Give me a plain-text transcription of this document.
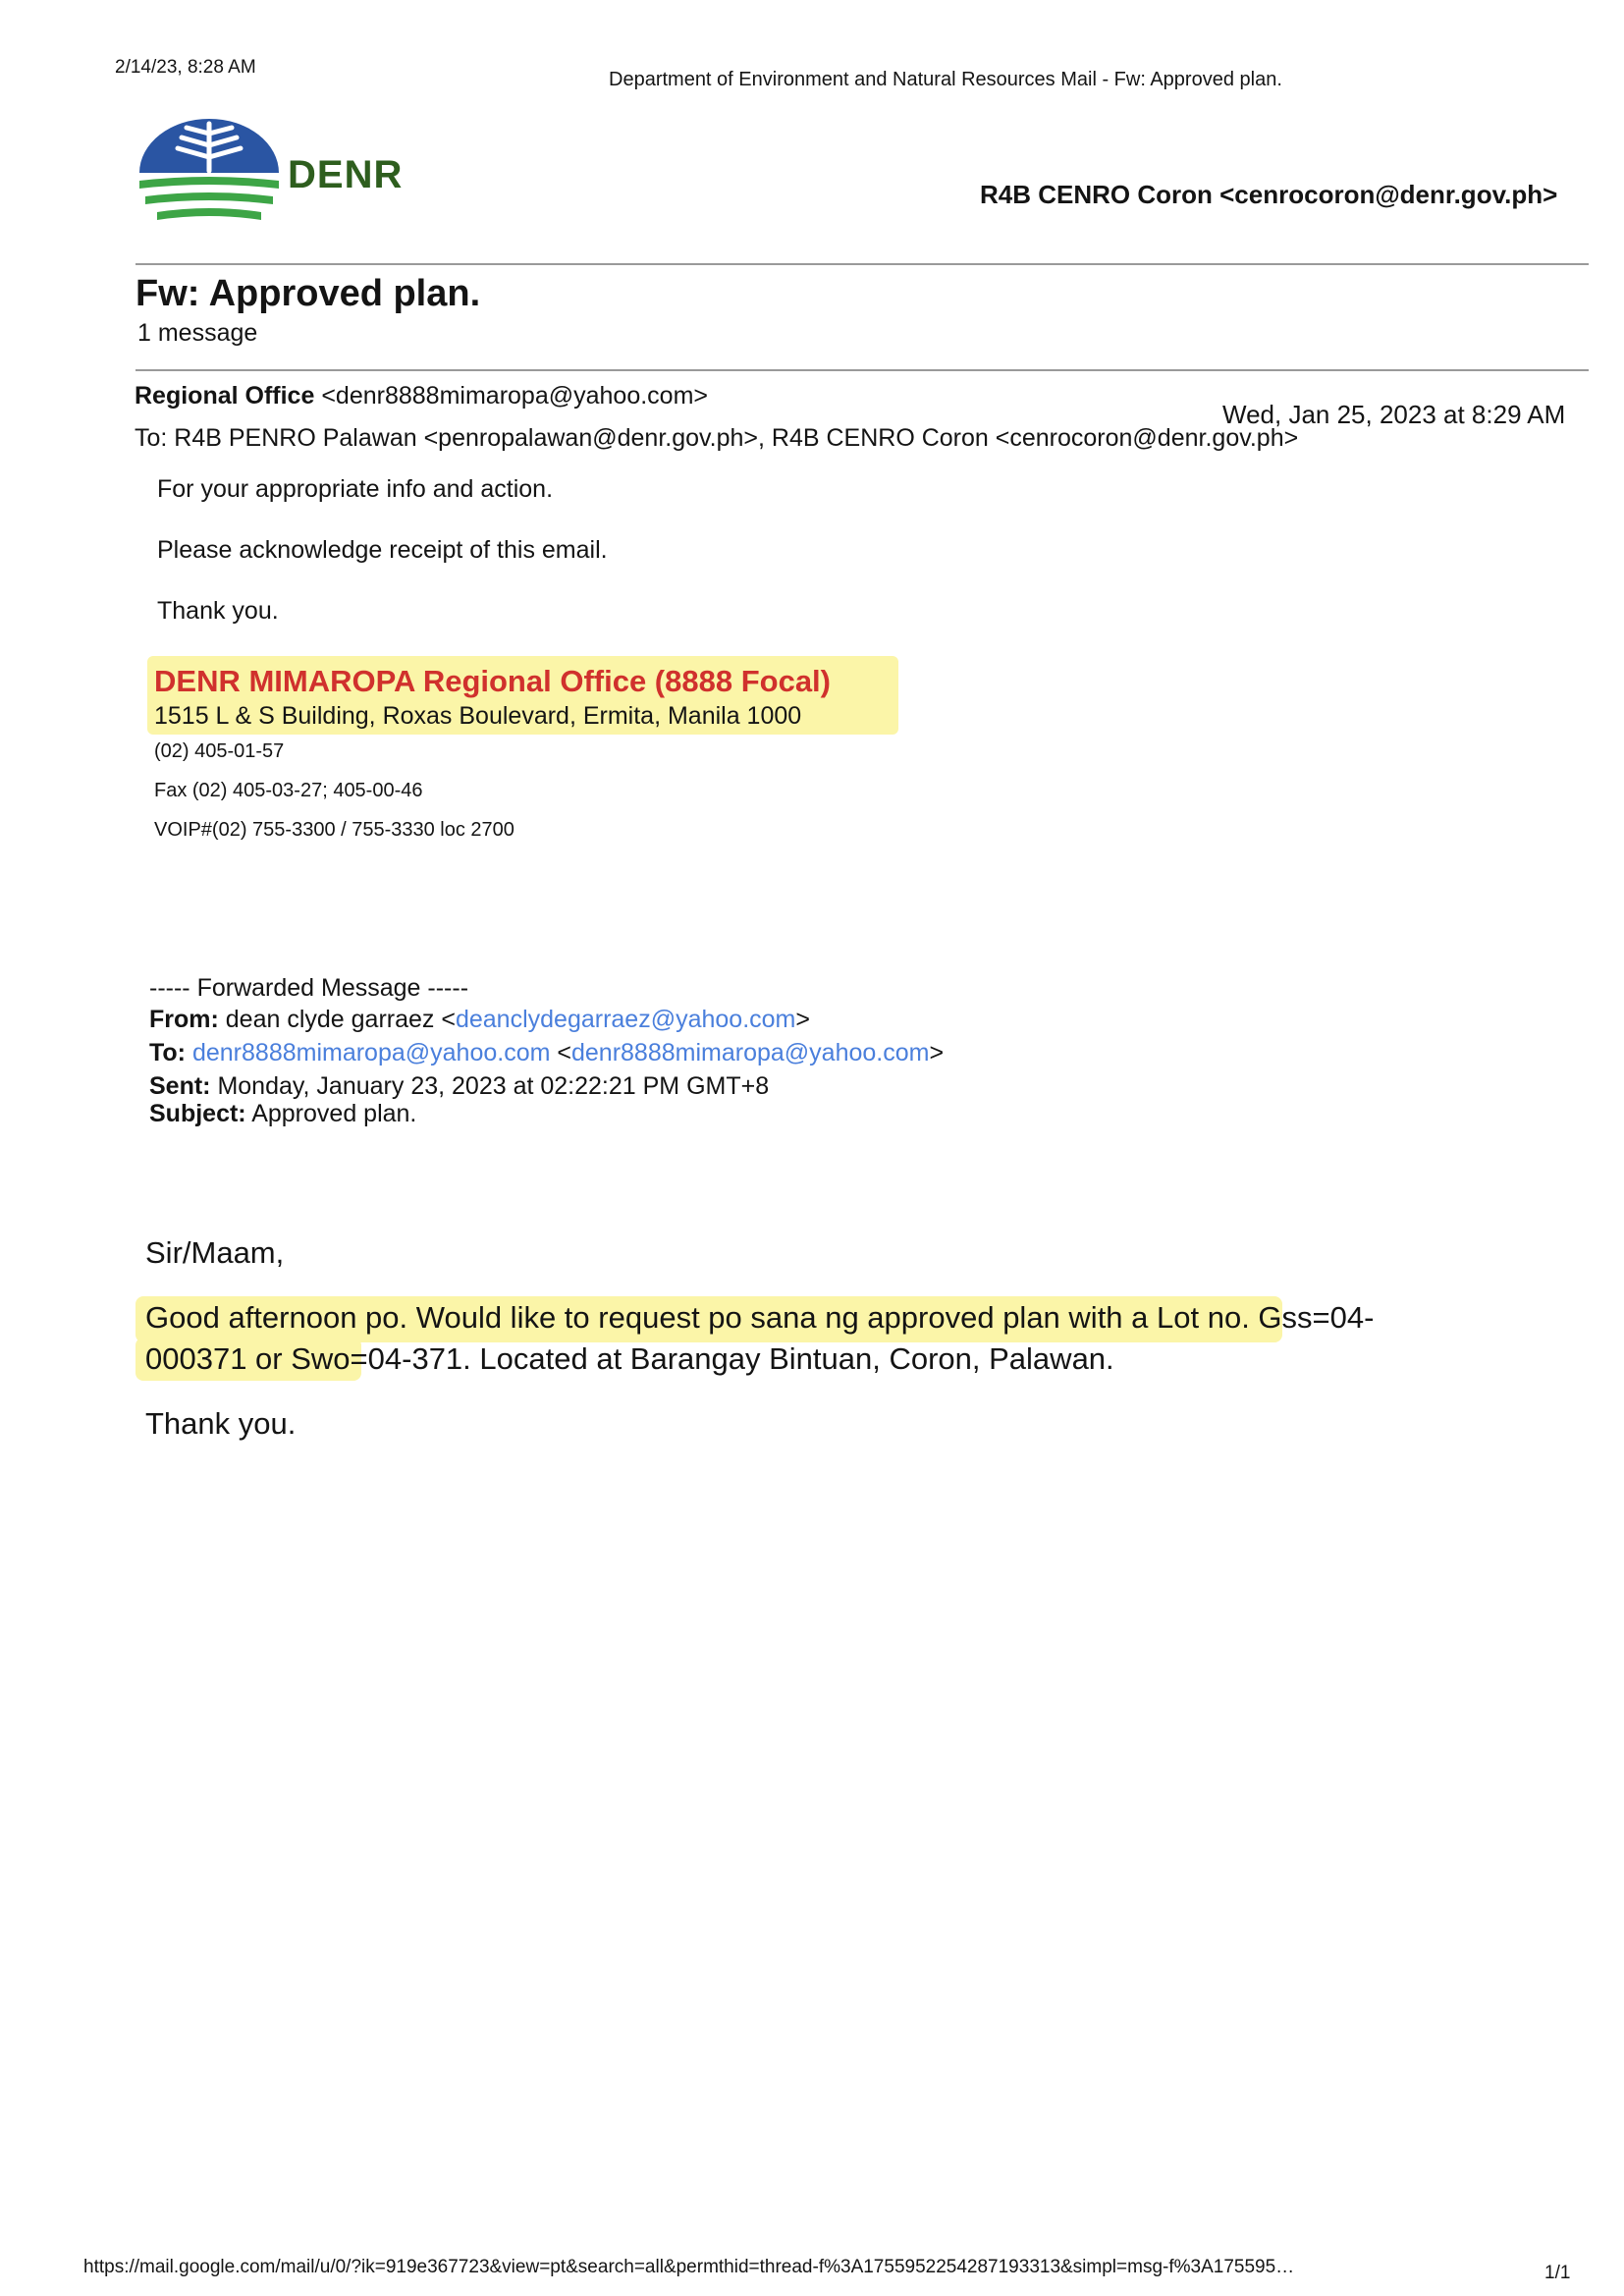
2/14/23, 8:28 AM
Department of Environment and Natural Resources Mail - Fw: Approved plan.
DENR	R4B CENRO Coron <cenrocoron@denr.gov.ph>
Fw: Approved plan.
1 message
Regional Office <denr8888mimaropa@yahoo.com>
Wed, Jan 25, 2023 at 8:29 AM
To: R4B PENRO Palawan <penropalawan@denr.gov.ph>, R4B CENRO Coron <cenrocoron@denr.gov.ph>
For your appropriate info and action.
Please acknowledge receipt of this email.
Thank you.
DENR MIMAROPA Regional Office (8888 Focal)
1515 L & S Building, Roxas Boulevard, Ermita, Manila 1000
(02) 405-01-57
Fax (02) 405-03-27; 405-00-46
VOIP#(02) 755-3300 / 755-3330 loc 2700
----- Forwarded Message -----
From: dean clyde garraez <deanclydegarraez@yahoo.com>
To: denr8888mimaropa@yahoo.com <denr8888mimaropa@yahoo.com>
Sent: Monday, January 23, 2023 at 02:22:21 PM GMT+8
Subject: Approved plan.
Sir/Maam,
Good afternoon po. Would like to request po sana ng approved plan with a Lot no. Gss=04-
000371 or Swo=04-371. Located at Barangay Bintuan, Coron, Palawan.
Thank you.
https://mail.google.com/mail/u/0/?ik=919e367723&view=pt&search=all&permthid=thread-f%3A1755952254287193313&simpl=msg-f%3A175595…	1/1
